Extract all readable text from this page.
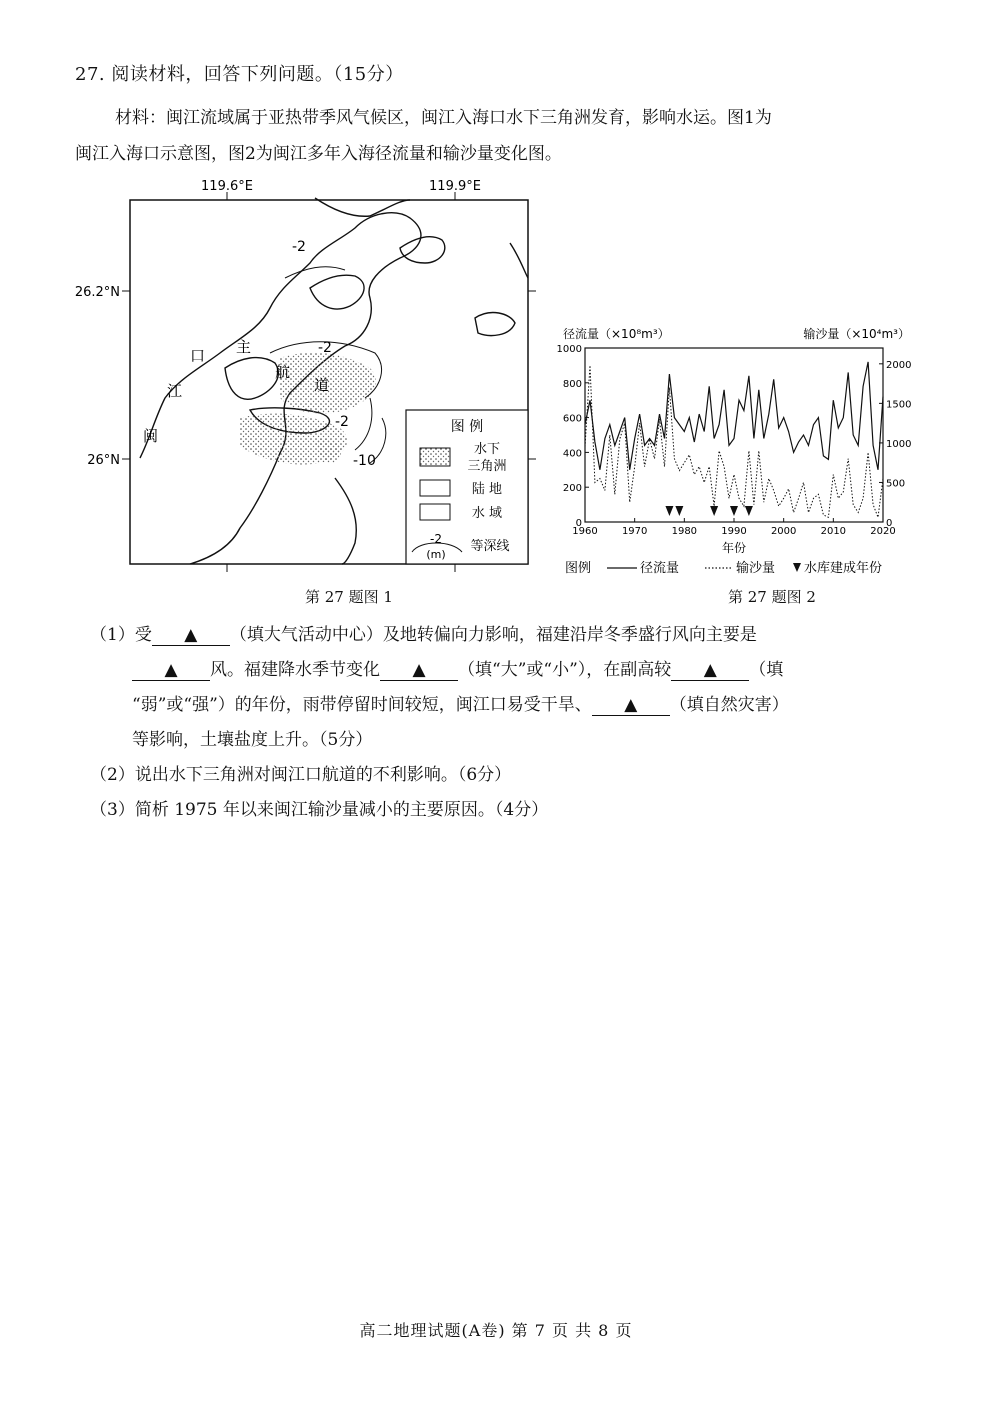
27. 阅读材料，回答下列问题。（15分）
材料：闽江流域属于亚热带季风气候区，闽江入海口水下三角洲发育，影响水运。图1为
闽江入海口示意图，图2为闽江多年入海径流量和输沙量变化图。
119.6°E	119.9°E
26.2°N
26°N
-2
-2
-2
-10
口 主
航
道
江
闽	图 例
水下
三角洲
陆 地
水 域
-2
(m)
等深线
第 27 题图 1
径流量（×10⁸m³）	输沙量（×10⁴m³）
1960 1970 1980 1990 2000 2010 2020
0
200
400
600
800
1000
0
500
1000
1500
2000
年份
图例	径流量	输沙量 水库建成年份
第 27 题图 2
（1）受 ▲ （填大气活动中心）及地转偏向力影响，福建沿岸冬季盛行风向主要是
▲ 风。福建降水季节变化 ▲ （填“大”或“小”），在副高较 ▲ （填
“弱”或“强”）的年份，雨带停留时间较短，闽江口易受干旱、 ▲ （填自然灾害）
等影响，土壤盐度上升。（5分）
（2）说出水下三角洲对闽江口航道的不利影响。（6分）
（3）简析 1975 年以来闽江输沙量减小的主要原因。（4分）
高二地理试题(A卷) 第 7 页 共 8 页
